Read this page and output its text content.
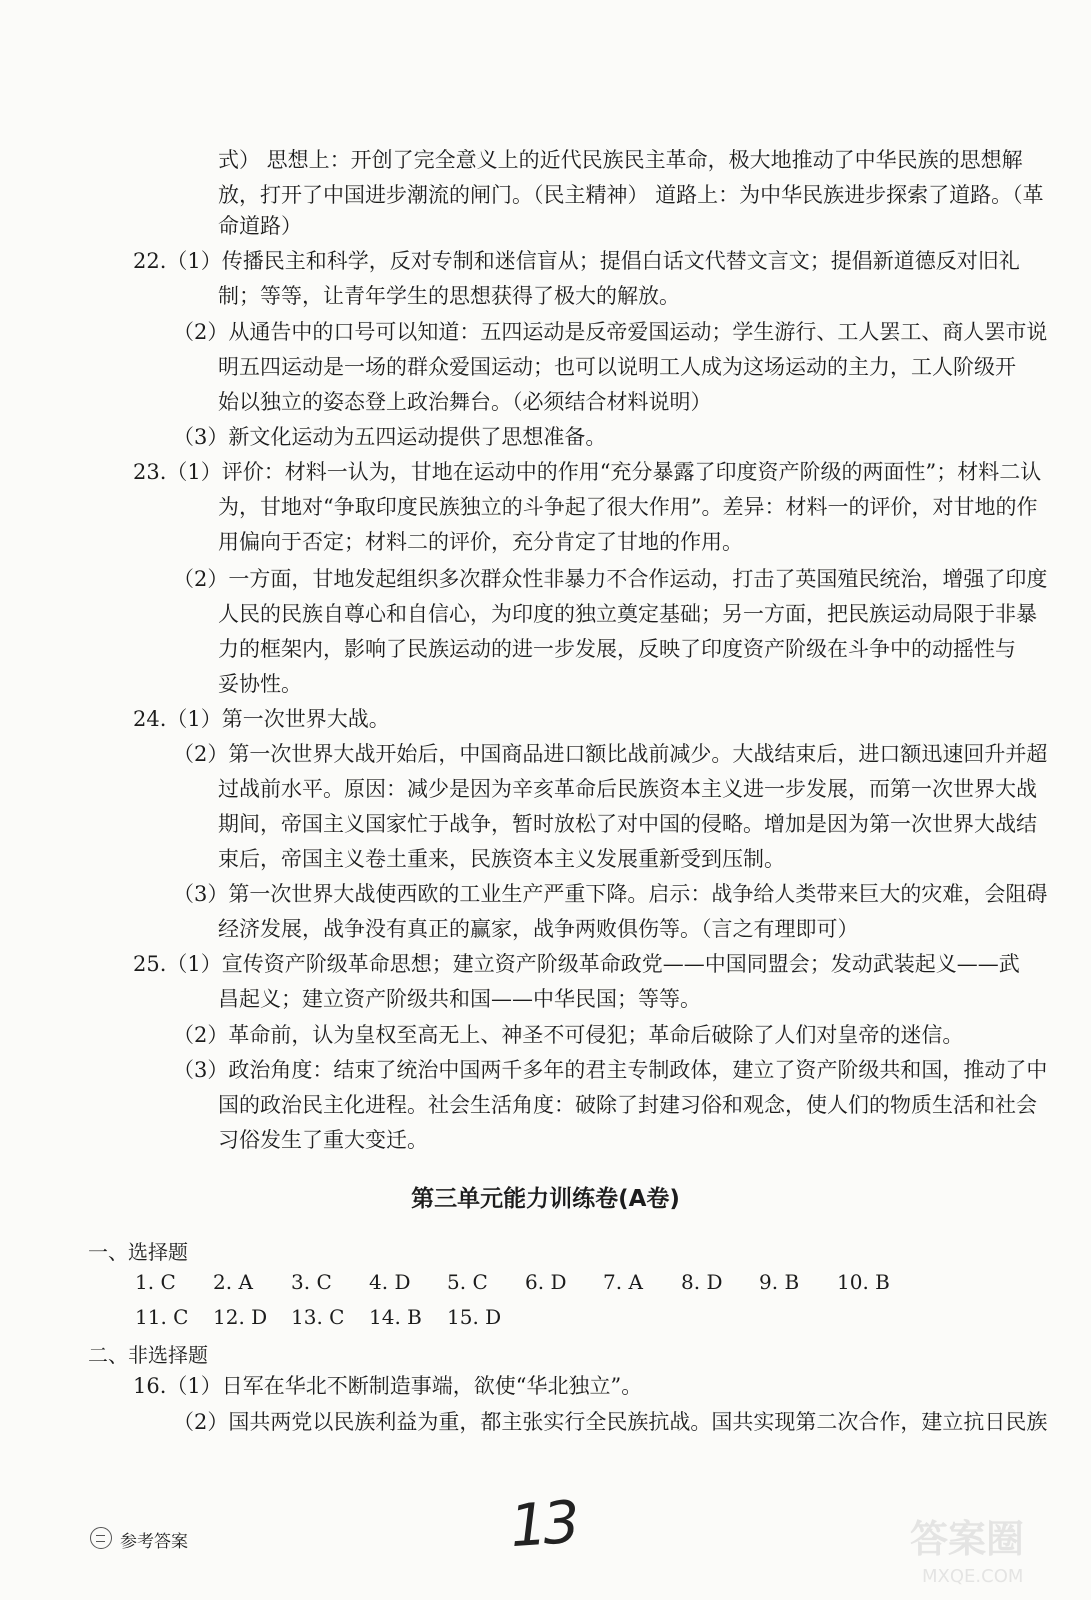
式） 思想上：开创了完全意义上的近代民族民主革命，极大地推动了中华民族的思想解
放，打开了中国进步潮流的闸门。（民主精神） 道路上：为中华民族进步探索了道路。（革
命道路）
22.（1）传播民主和科学，反对专制和迷信盲从；提倡白话文代替文言文；提倡新道德反对旧礼
制；等等，让青年学生的思想获得了极大的解放。
（2）从通告中的口号可以知道：五四运动是反帝爱国运动；学生游行、工人罢工、商人罢市说
明五四运动是一场的群众爱国运动；也可以说明工人成为这场运动的主力，工人阶级开
始以独立的姿态登上政治舞台。（必须结合材料说明）
（3）新文化运动为五四运动提供了思想准备。
23.（1）评价：材料一认为，甘地在运动中的作用“充分暴露了印度资产阶级的两面性”；材料二认
为，甘地对“争取印度民族独立的斗争起了很大作用”。差异：材料一的评价，对甘地的作
用偏向于否定；材料二的评价，充分肯定了甘地的作用。
（2）一方面，甘地发起组织多次群众性非暴力不合作运动，打击了英国殖民统治，增强了印度
人民的民族自尊心和自信心，为印度的独立奠定基础；另一方面，把民族运动局限于非暴
力的框架内，影响了民族运动的进一步发展，反映了印度资产阶级在斗争中的动摇性与
妥协性。
24.（1）第一次世界大战。
（2）第一次世界大战开始后，中国商品进口额比战前减少。大战结束后，进口额迅速回升并超
过战前水平。原因：减少是因为辛亥革命后民族资本主义进一步发展，而第一次世界大战
期间，帝国主义国家忙于战争，暂时放松了对中国的侵略。增加是因为第一次世界大战结
束后，帝国主义卷土重来，民族资本主义发展重新受到压制。
（3）第一次世界大战使西欧的工业生产严重下降。启示：战争给人类带来巨大的灾难，会阻碍
经济发展，战争没有真正的赢家，战争两败俱伤等。（言之有理即可）
25.（1）宣传资产阶级革命思想；建立资产阶级革命政党——中国同盟会；发动武装起义——武
昌起义；建立资产阶级共和国——中华民国；等等。
（2）革命前，认为皇权至高无上、神圣不可侵犯；革命后破除了人们对皇帝的迷信。
（3）政治角度：结束了统治中国两千多年的君主专制政体，建立了资产阶级共和国，推动了中
国的政治民主化进程。社会生活角度：破除了封建习俗和观念，使人们的物质生活和社会
习俗发生了重大变迁。
第三单元能力训练卷(A卷)
一、选择题
1. C 2. A 3. C 4. D 5. C 6. D 7. A 8. D 9. B 10. B
11. C 12. D 13. C 14. B 15. D
二、非选择题
16.（1）日军在华北不断制造事端，欲使“华北独立”。
（2）国共两党以民族利益为重，都主张实行全民族抗战。国共实现第二次合作，建立抗日民族
参考答案	13	答案圈
MXQE.COM
